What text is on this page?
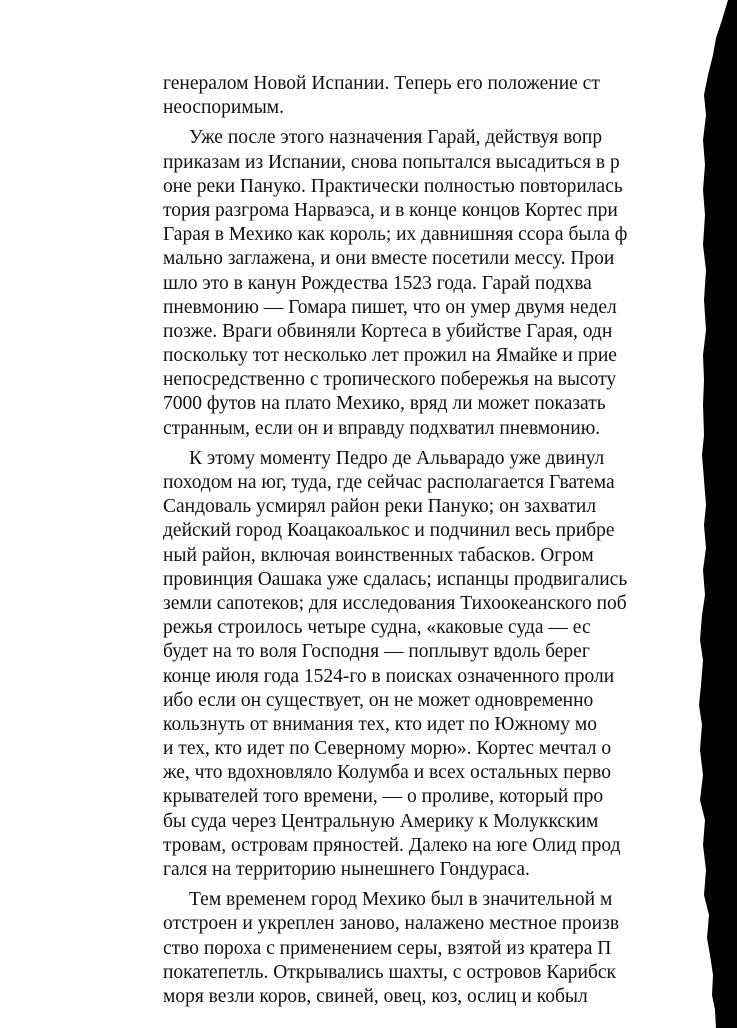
генералом Новой Испании. Теперь его положение ст
неоспоримым.
Уже после этого назначения Гарай, действуя вопр
приказам из Испании, снова попытался высадиться в р
оне реки Пануко. Практически полностью повторилась
тория разгрома Нарваэса, и в конце концов Кортес при
Гарая в Мехико как король; их давнишняя ссора была ф
мально заглажена, и они вместе посетили мессу. Прои
шло это в канун Рождества 1523 года. Гарай подхва
пневмонию — Гомара пишет, что он умер двумя недел
позже. Враги обвиняли Кортеса в убийстве Гарая, одн
поскольку тот несколько лет прожил на Ямайке и прие
непосредственно с тропического побережья на высоту
7000 футов на плато Мехико, вряд ли может показать
странным, если он и вправду подхватил пневмонию.
К этому моменту Педро де Альварадо уже двинул
походом на юг, туда, где сейчас располагается Гватема
Сандоваль усмирял район реки Пануко; он захватил
дейский город Коацакоалькос и подчинил весь прибре
ный район, включая воинственных табасков. Огром
провинция Оашака уже сдалась; испанцы продвигались
земли сапотеков; для исследования Тихоокеанского поб
режья строилось четыре судна, «каковые суда — ес
будет на то воля Господня — поплывут вдоль берег
конце июля года 1524-го в поисках означенного проли
ибо если он существует, он не может одновременно
кользнуть от внимания тех, кто идет по Южному мо
и тех, кто идет по Северному морю». Кортес мечтал о
же, что вдохновляло Колумба и всех остальных перво
крывателей того времени, — о проливе, который про
бы суда через Центральную Америку к Молуккским
тровам, островам пряностей. Далеко на юге Олид прод
гался на территорию нынешнего Гондураса.
Тем временем город Мехико был в значительной м
отстроен и укреплен заново, налажено местное произв
ство пороха с применением серы, взятой из кратера П
покатепетль. Открывались шахты, с островов Карибск
моря везли коров, свиней, овец, коз, ослиц и кобыл
